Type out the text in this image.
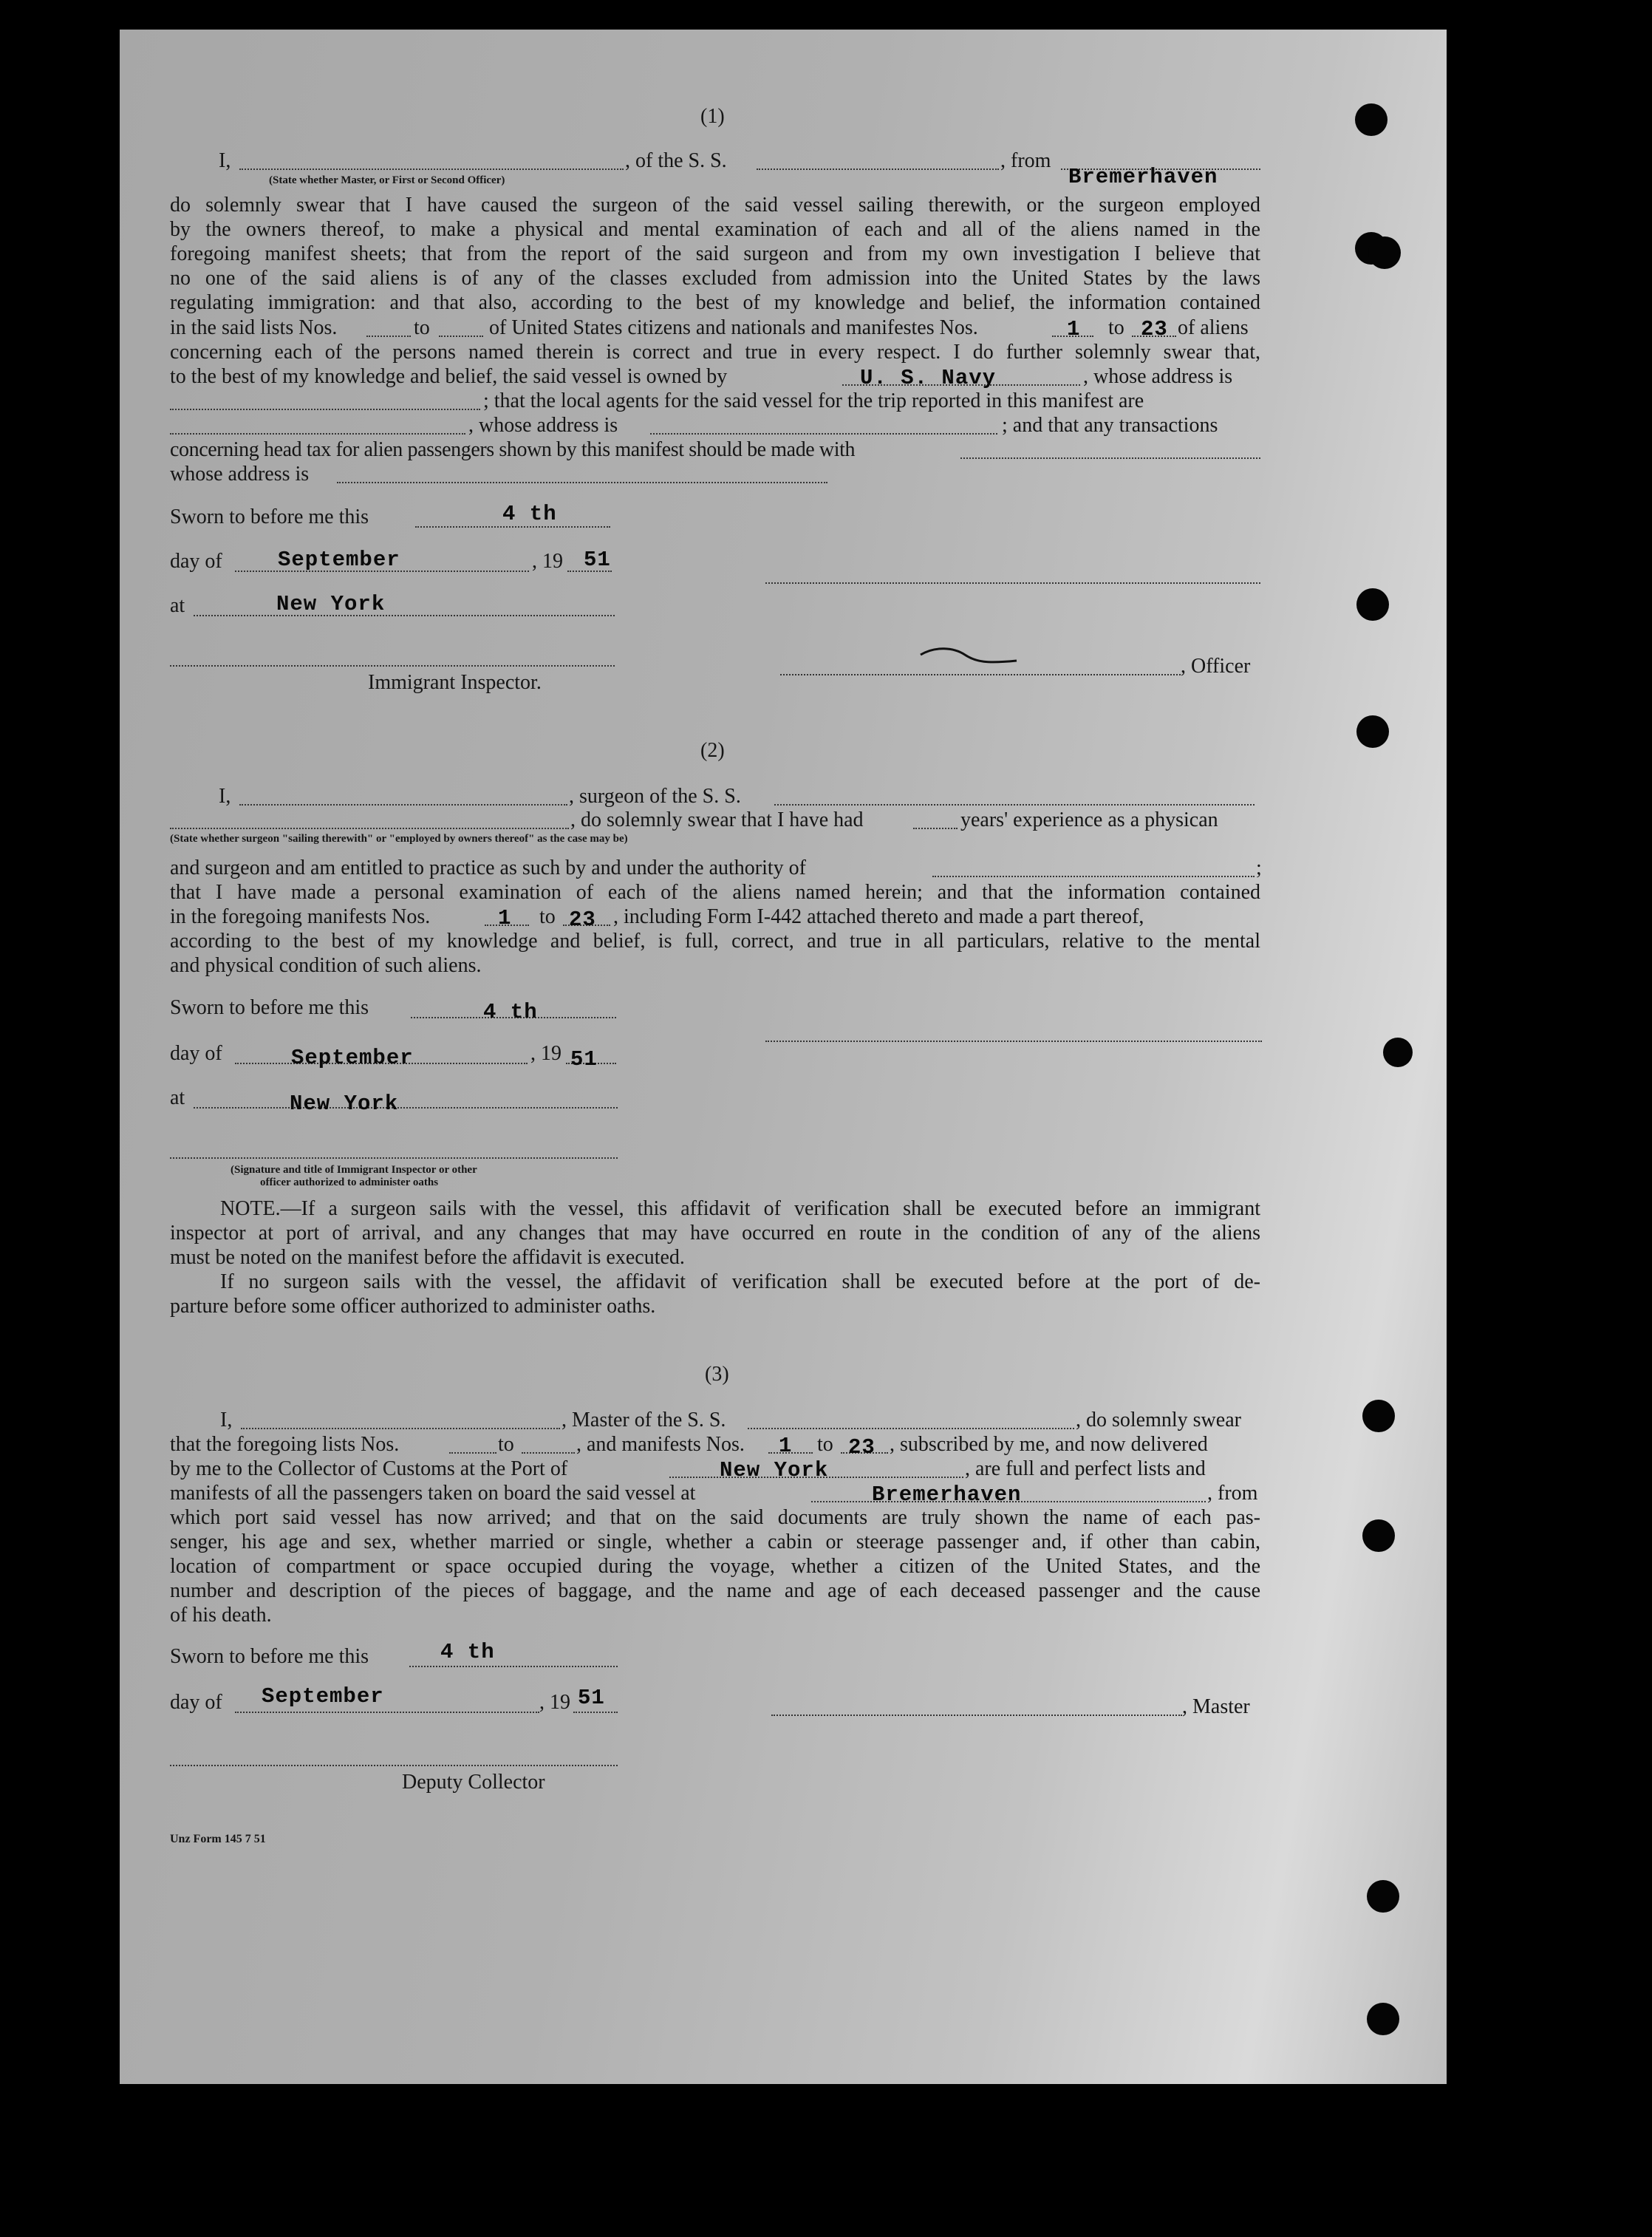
(1)
I,	, of the S. S.	, from
(State whether Master, or First or Second Officer)	Bremerhaven
do solemnly swear that I have caused the surgeon of the said vessel sailing therewith, or the surgeon employed
by the owners thereof, to make a physical and mental examination of each and all of the aliens named in the
foregoing manifest sheets; that from the report of the said surgeon and from my own investigation I believe that
no one of the said aliens is of any of the classes excluded from admission into the United States by the laws
regulating immigration: and that also, according to the best of my knowledge and belief, the information contained
in the said lists Nos.	to	of United States citizens and nationals and manifestes Nos.	1 to 23 of aliens
concerning each of the persons named therein is correct and true in every respect. I do further solemnly swear that,
to the best of my knowledge and belief, the said vessel is owned by	U. S. Navy	, whose address is
; that the local agents for the said vessel for the trip reported in this manifest are
, whose address is	; and that any transactions
concerning head tax for alien passengers shown by this manifest should be made with
whose address is
Sworn to before me this	4 th
day of	September	, 19 51
at	New York
, Officer
Immigrant Inspector.
(2)
I,	, surgeon of the S. S.
, do solemnly swear that I have had	years' experience as a physican
(State whether surgeon "sailing therewith" or "employed by owners thereof" as the case may be)
and surgeon and am entitled to practice as such by and under the authority of	;
that I have made a personal examination of each of the aliens named herein; and that the information contained
in the foregoing manifests Nos.	1 to 23 , including Form I-442 attached thereto and made a part thereof,
according to the best of my knowledge and belief, is full, correct, and true in all particulars, relative to the mental
and physical condition of such aliens.
Sworn to before me this	4 th
day of	September	, 19 51
at	New York
(Signature and title of Immigrant Inspector or other
officer authorized to administer oaths
NOTE.—If a surgeon sails with the vessel, this affidavit of verification shall be executed before an immigrant
inspector at port of arrival, and any changes that may have occurred en route in the condition of any of the aliens
must be noted on the manifest before the affidavit is executed.
If no surgeon sails with the vessel, the affidavit of verification shall be executed before at the port of de-
parture before some officer authorized to administer oaths.
(3)
I,	, Master of the S. S.	, do solemnly swear
that the foregoing lists Nos.	to	, and manifests Nos. 1 to 23 , subscribed by me, and now delivered
by me to the Collector of Customs at the Port of	New York	, are full and perfect lists and
manifests of all the passengers taken on board the said vessel at	Bremerhaven	, from
which port said vessel has now arrived; and that on the said documents are truly shown the name of each pas-
senger, his age and sex, whether married or single, whether a cabin or steerage passenger and, if other than cabin,
location of compartment or space occupied during the voyage, whether a citizen of the United States, and the
number and description of the pieces of baggage, and the name and age of each deceased passenger and the cause
of his death.
Sworn to before me this	4 th
day of September	, 19 51	, Master
Deputy Collector
Unz Form 145 7 51
